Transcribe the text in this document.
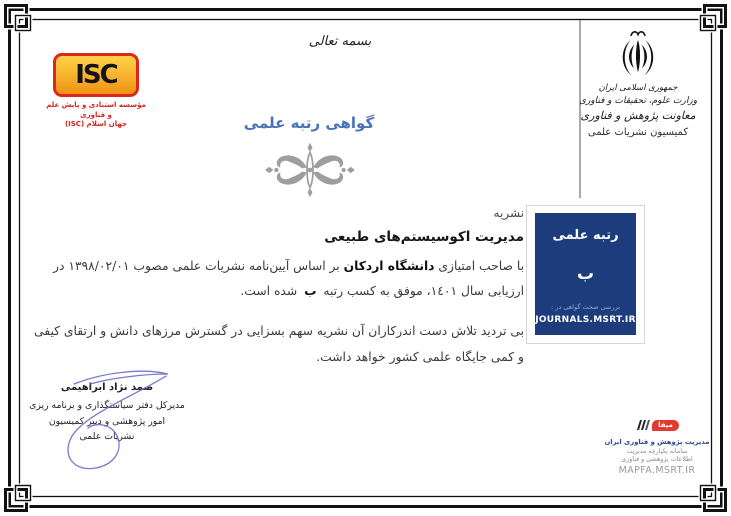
بسمه تعالی
ISC
مؤسسه استنادی و پایش علم و فناوری
جهان اسلام (ISC)
جمهوری اسلامی ایران
وزارت علوم، تحقیقات و فناوری
معاونت پژوهش و فناوری
کمیسیون نشریات علمی
گواهی رتبه علمی
نشریه
مدیریت اکوسیستم‌های طبیعی

با صاحب امتیازی دانشگاه اردکان بر اساس آیین‌نامه نشریات علمی مصوب ١٣٩٨/٠٢/٠١ در

ارزیابی سال ١٤٠١، موفق به کسب رتبه ب شده است.

بی تردید تلاش دست اندرکاران آن نشریه سهم بسزایی در گسترش مرزهای دانش و ارتقای کیفی و کمی جایگاه علمی کشور خواهد داشت.

رتبه علمی
ب
بررسی صحت گواهی در :
JOURNALS.MSRT.IR
صمد نژاد ابراهیمی
مدیرکل دفتر سیاستگذاری و برنامه ریزی
امور پژوهشی و دبیر کمیسیون
نشریات علمی
مپفا
مدیریت پژوهش و فناوری ایران
سامانه یکپارچه مدیریت
اطلاعات پژوهشی و فناوری
MAPFA.MSRT.IR
